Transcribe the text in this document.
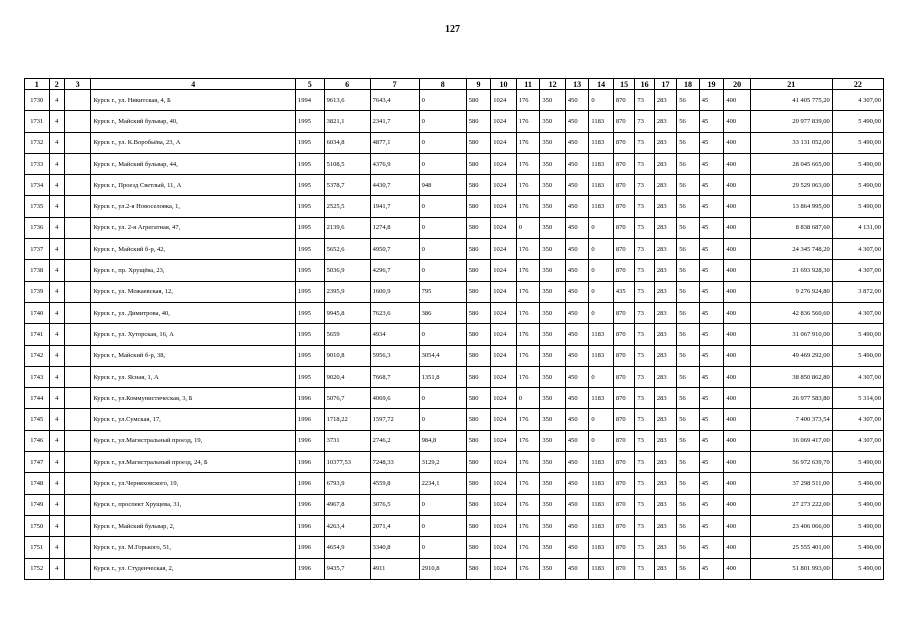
127
1	2	3	4	5	6	7	8	9	10	11	12	13	14	15	16	17	18	19	20	21	22
1730	4		Курск г., ул. Никитская, 4, Б	1994	9613,6	7643,4	0	580	1024	176	350	450	0	870	73	283	56	45	400	41 405 775,20	4 307,00
1731	4		Курск г., Майский бульвар, 40,	1995	3821,1	2341,7	0	580	1024	176	350	450	1183	870	73	283	56	45	400	20 977 839,00	5 490,00
1732	4		Курск г., ул. К.Воробьёва, 23, А	1995	6034,8	4877,1	0	580	1024	176	350	450	1183	870	73	283	56	45	400	33 131 052,00	5 490,00
1733	4		Курск г., Майский бульвар, 44,	1995	5108,5	4376,9	0	580	1024	176	350	450	1183	870	73	283	56	45	400	28 045 665,00	5 490,00
1734	4		Курск г., Проезд Светлый, 11, А	1995	5378,7	4430,7	948	580	1024	176	350	450	1183	870	73	283	56	45	400	29 529 063,00	5 490,00
1735	4		Курск г., ул.2-я Новоселовка, 1,	1995	2525,5	1941,7	0	580	1024	176	350	450	1183	870	73	283	56	45	400	13 864 995,00	5 490,00
1736	4		Курск г., ул. 2-я Агрегатная, 47,	1995	2139,6	1274,8	0	580	1024	0	350	450	0	870	73	283	56	45	400	8 838 687,60	4 131,00
1737	4		Курск г., Майский б-р, 42,	1995	5652,6	4950,7	0	580	1024	176	350	450	0	870	73	283	56	45	400	24 345 748,20	4 307,00
1738	4		Курск г., пр. Хрущёва, 23,	1995	5036,9	4296,7	0	580	1024	176	350	450	0	870	73	283	56	45	400	21 693 928,30	4 307,00
1739	4		Курск г., ул. Можаевская, 12,	1995	2395,9	1600,9	795	580	1024	176	350	450	0	435	73	283	56	45	400	9 276 924,80	3 872,00
1740	4		Курск г., ул. Димитрова, 40,	1995	9945,8	7623,6	386	580	1024	176	350	450	0	870	73	283	56	45	400	42 836 560,60	4 307,00
1741	4		Курск г., ул. Хуторская, 16, А	1995	5659	4934	0	580	1024	176	350	450	1183	870	73	283	56	45	400	31 067 910,00	5 490,00
1742	4		Курск г., Майский б-р, 38,	1995	9010,8	5956,3	3054,4	580	1024	176	350	450	1183	870	73	283	56	45	400	49 469 292,00	5 490,00
1743	4		Курск г., ул. Ясная, 1, А	1995	9020,4	7668,7	1351,8	580	1024	176	350	450	0	870	73	283	56	45	400	38 850 862,80	4 307,00
1744	4		Курск г., ул.Коммунистическая, 3, Б	1996	5076,7	4069,6	0	580	1024	0	350	450	1183	870	73	283	56	45	400	26 977 583,80	5 314,00
1745	4		Курск г., ул.Сумская, 17,	1996	1718,22	1597,72	0	580	1024	176	350	450	0	870	73	283	56	45	400	7 400 373,54	4 307,00
1746	4		Курск г., ул.Магистральный проезд, 19,	1996	3731	2746,2	984,8	580	1024	176	350	450	0	870	73	283	56	45	400	16 069 417,00	4 307,00
1747	4		Курск г., ул.Магистральный проезд, 24, Б	1996	10377,53	7248,33	3129,2	580	1024	176	350	450	1183	870	73	283	56	45	400	56 972 639,70	5 490,00
1748	4		Курск г., ул.Черняховского, 19,	1996	6793,9	4559,8	2234,1	580	1024	176	350	450	1183	870	73	283	56	45	400	37 298 511,00	5 490,00
1749	4		Курск г., проспект Хрущева, 31,	1996	4967,8	3076,5	0	580	1024	176	350	450	1183	870	73	283	56	45	400	27 273 222,00	5 490,00
1750	4		Курск г., Майский бульвар, 2,	1996	4263,4	2071,4	0	580	1024	176	350	450	1183	870	73	283	56	45	400	23 406 066,00	5 490,00
1751	4		Курск г., ул. М.Горького, 51,	1996	4654,9	3340,8	0	580	1024	176	350	450	1183	870	73	283	56	45	400	25 555 401,00	5 490,00
1752	4		Курск г., ул. Студенческая, 2,	1996	9435,7	4911	2910,8	580	1024	176	350	450	1183	870	73	283	56	45	400	51 801 993,00	5 490,00
